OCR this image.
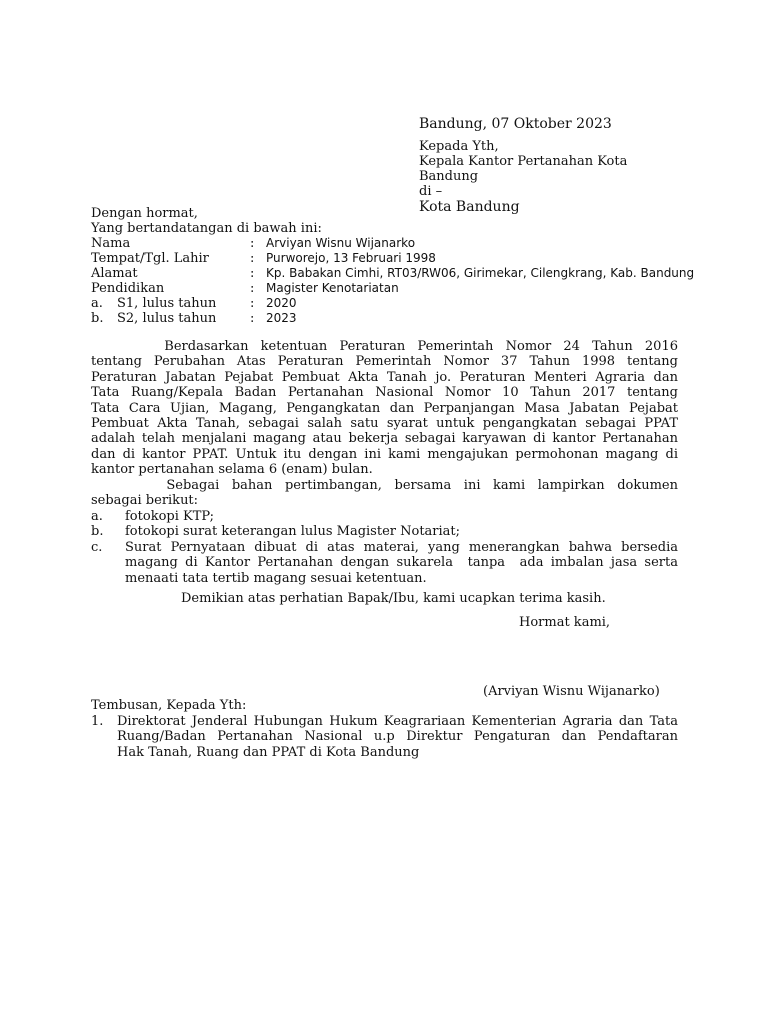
Bandung, 07 Oktober 2023
Kepada Yth,
Kepala Kantor Pertanahan Kota
Bandung
di –
Kota Bandung
Dengan hormat,
Yang bertandatangan di bawah ini:
Nama	: Arviyan Wisnu Wijanarko
Tempat/Tgl. Lahir	: Purworejo, 13 Februari 1998
Alamat	: Kp. Babakan Cimhi, RT03/RW06, Girimekar, Cilengkrang, Kab. Bandung
Pendidikan	: Magister Kenotariatan
a. S1, lulus tahun	: 2020
b. S2, lulus tahun	: 2023
Berdasarkan  ketentuan  Peraturan  Pemerintah  Nomor  24  Tahun  2016
tentang Perubahan Atas Peraturan Pemerintah Nomor 37 Tahun 1998 tentang
Peraturan Jabatan Pejabat Pembuat Akta Tanah jo. Peraturan Menteri Agraria dan
Tata Ruang/Kepala Badan Pertanahan Nasional Nomor 10 Tahun 2017 tentang
Tata Cara Ujian, Magang, Pengangkatan dan Perpanjangan Masa Jabatan Pejabat
Pembuat Akta Tanah, sebagai salah satu syarat untuk pengangkatan sebagai PPAT
adalah telah menjalani magang atau bekerja sebagai karyawan di kantor Pertanahan
dan di kantor PPAT. Untuk itu dengan ini kami mengajukan permohonan magang di
kantor pertanahan selama 6 (enam) bulan.
Sebagai  bahan  pertimbangan,  bersama  ini  kami  lampirkan  dokumen
sebagai berikut:
a. fotokopi KTP;
b. fotokopi surat keterangan lulus Magister Notariat;
c. Surat Pernyataan dibuat di atas materai, yang menerangkan bahwa bersedia
magang di Kantor Pertanahan dengan sukarela  tanpa  ada imbalan jasa serta
menaati tata tertib magang sesuai ketentuan.
Demikian atas perhatian Bapak/Ibu, kami ucapkan terima kasih.
Hormat kami,
(Arviyan Wisnu Wijanarko)
Tembusan, Kepada Yth:
1. Direktorat Jenderal Hubungan Hukum Keagrariaan Kementerian Agraria dan Tata
Ruang/Badan Pertanahan Nasional u.p Direktur Pengaturan dan Pendaftaran
Hak Tanah, Ruang dan PPAT di Kota Bandung
